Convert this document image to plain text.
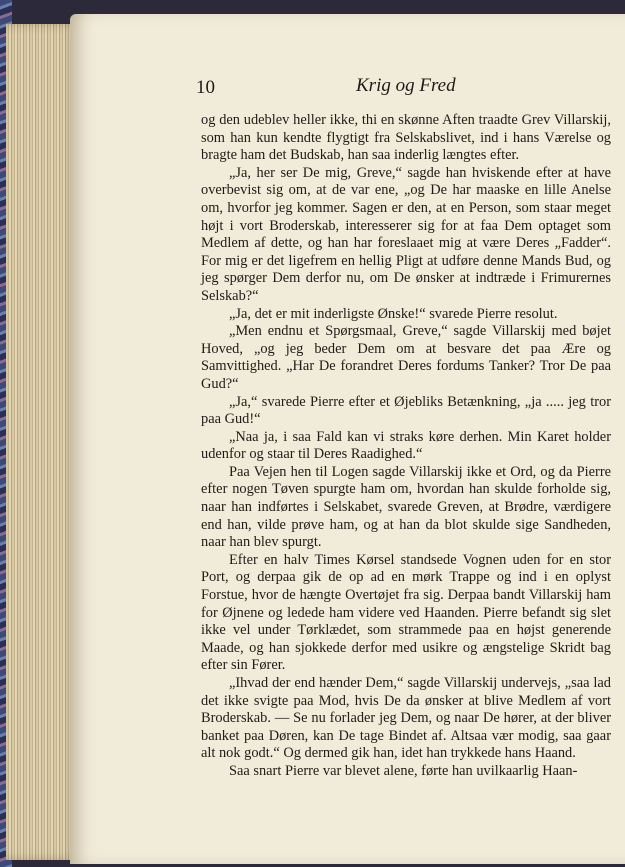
10	Krig og Fred

og den udeblev heller ikke, thi en skønne Aften traadte Grev Villarskij, som han kun kendte flygtigt fra Selskabslivet, ind i hans Værelse og bragte ham det Budskab, han saa inderlig længtes efter.

„Ja, her ser De mig, Greve,“ sagde han hviskende efter at have overbevist sig om, at de var ene, „og De har maaske en lille Anelse om, hvorfor jeg kommer. Sagen er den, at en Person, som staar meget højt i vort Broderskab, interesserer sig for at faa Dem optaget som Medlem af dette, og han har foreslaaet mig at være Deres „Fadder“. For mig er det ligefrem en hellig Pligt at udføre denne Mands Bud, og jeg spørger Dem derfor nu, om De ønsker at indtræde i Frimurernes Selskab?“

„Ja, det er mit inderligste Ønske!“ svarede Pierre resolut.

„Men endnu et Spørgsmaal, Greve,“ sagde Villarskij med bøjet Hoved, „og jeg beder Dem om at besvare det paa Ære og Samvittighed. „Har De forandret Deres fordums Tanker? Tror De paa Gud?“

„Ja,“ svarede Pierre efter et Øjebliks Betænkning, „ja ..... jeg tror paa Gud!“

„Naa ja, i saa Fald kan vi straks køre derhen. Min Karet holder udenfor og staar til Deres Raadighed.“

Paa Vejen hen til Logen sagde Villarskij ikke et Ord, og da Pierre efter nogen Tøven spurgte ham om, hvordan han skulde forholde sig, naar han indførtes i Selskabet, svarede Greven, at Brødre, værdigere end han, vilde prøve ham, og at han da blot skulde sige Sandheden, naar han blev spurgt.

Efter en halv Times Kørsel standsede Vognen uden for en stor Port, og derpaa gik de op ad en mørk Trappe og ind i en oplyst Forstue, hvor de hængte Overtøjet fra sig. Derpaa bandt Villarskij ham for Øjnene og ledede ham videre ved Haanden. Pierre befandt sig slet ikke vel under Tørklædet, som strammede paa en højst generende Maade, og han sjokkede derfor med usikre og ængstelige Skridt bag efter sin Fører.

„Ihvad der end hænder Dem,“ sagde Villarskij undervejs, „saa lad det ikke svigte paa Mod, hvis De da ønsker at blive Medlem af vort Broderskab. — Se nu forlader jeg Dem, og naar De hører, at der bliver banket paa Døren, kan De tage Bindet af. Altsaa vær modig, saa gaar alt nok godt.“ Og dermed gik han, idet han trykkede hans Haand.

Saa snart Pierre var blevet alene, førte han uvilkaarlig Haan-
